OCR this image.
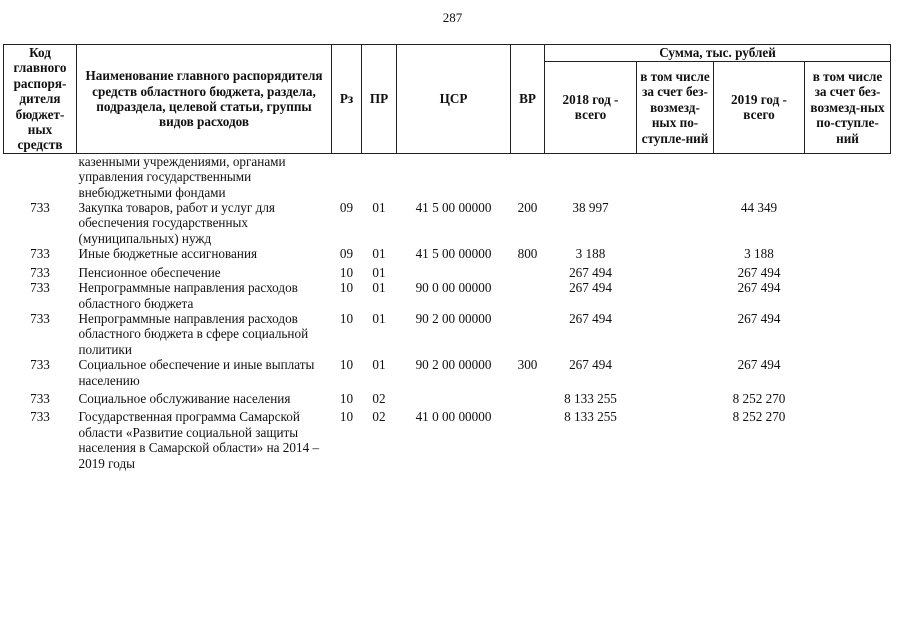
287
Код главного распоря-дителя бюджет-ных средств	Наименование главного распорядителя средств областного бюджета, раздела, подраздела, целевой статьи, группы видов расходов	Рз	ПР	ЦСР	ВР	Сумма, тыс. рублей			
						2018 год - всего	в том числе за счет без-возмезд-ных по-ступле-ний	2019 год - всего	в том числе за счет без-возмезд-ных по-ступле-ний
	казенными учреждениями, органами управления государственными внебюджетными фондами								
733	Закупка товаров, работ и услуг для обеспечения государственных (муниципальных) нужд	09	01	41 5 00 00000	200	38 997		44 349	
733	Иные бюджетные ассигнования	09	01	41 5 00 00000	800	3 188		3 188	

733	Пенсионное обеспечение	10	01			267 494		267 494	
733	Непрограммные направления расходов областного бюджета	10	01	90 0 00 00000		267 494		267 494	
733	Непрограммные направления расходов областного бюджета в сфере социальной политики	10	01	90 2 00 00000		267 494		267 494	
733	Социальное обеспечение и иные выплаты населению	10	01	90 2 00 00000	300	267 494		267 494	

733	Социальное обслуживание населения	10	02			8 133 255		8 252 270	

733	Государственная программа Самарской области «Развитие социальной защиты населения в Самарской области» на 2014 – 2019 годы	10	02	41 0 00 00000		8 133 255		8 252 270	
